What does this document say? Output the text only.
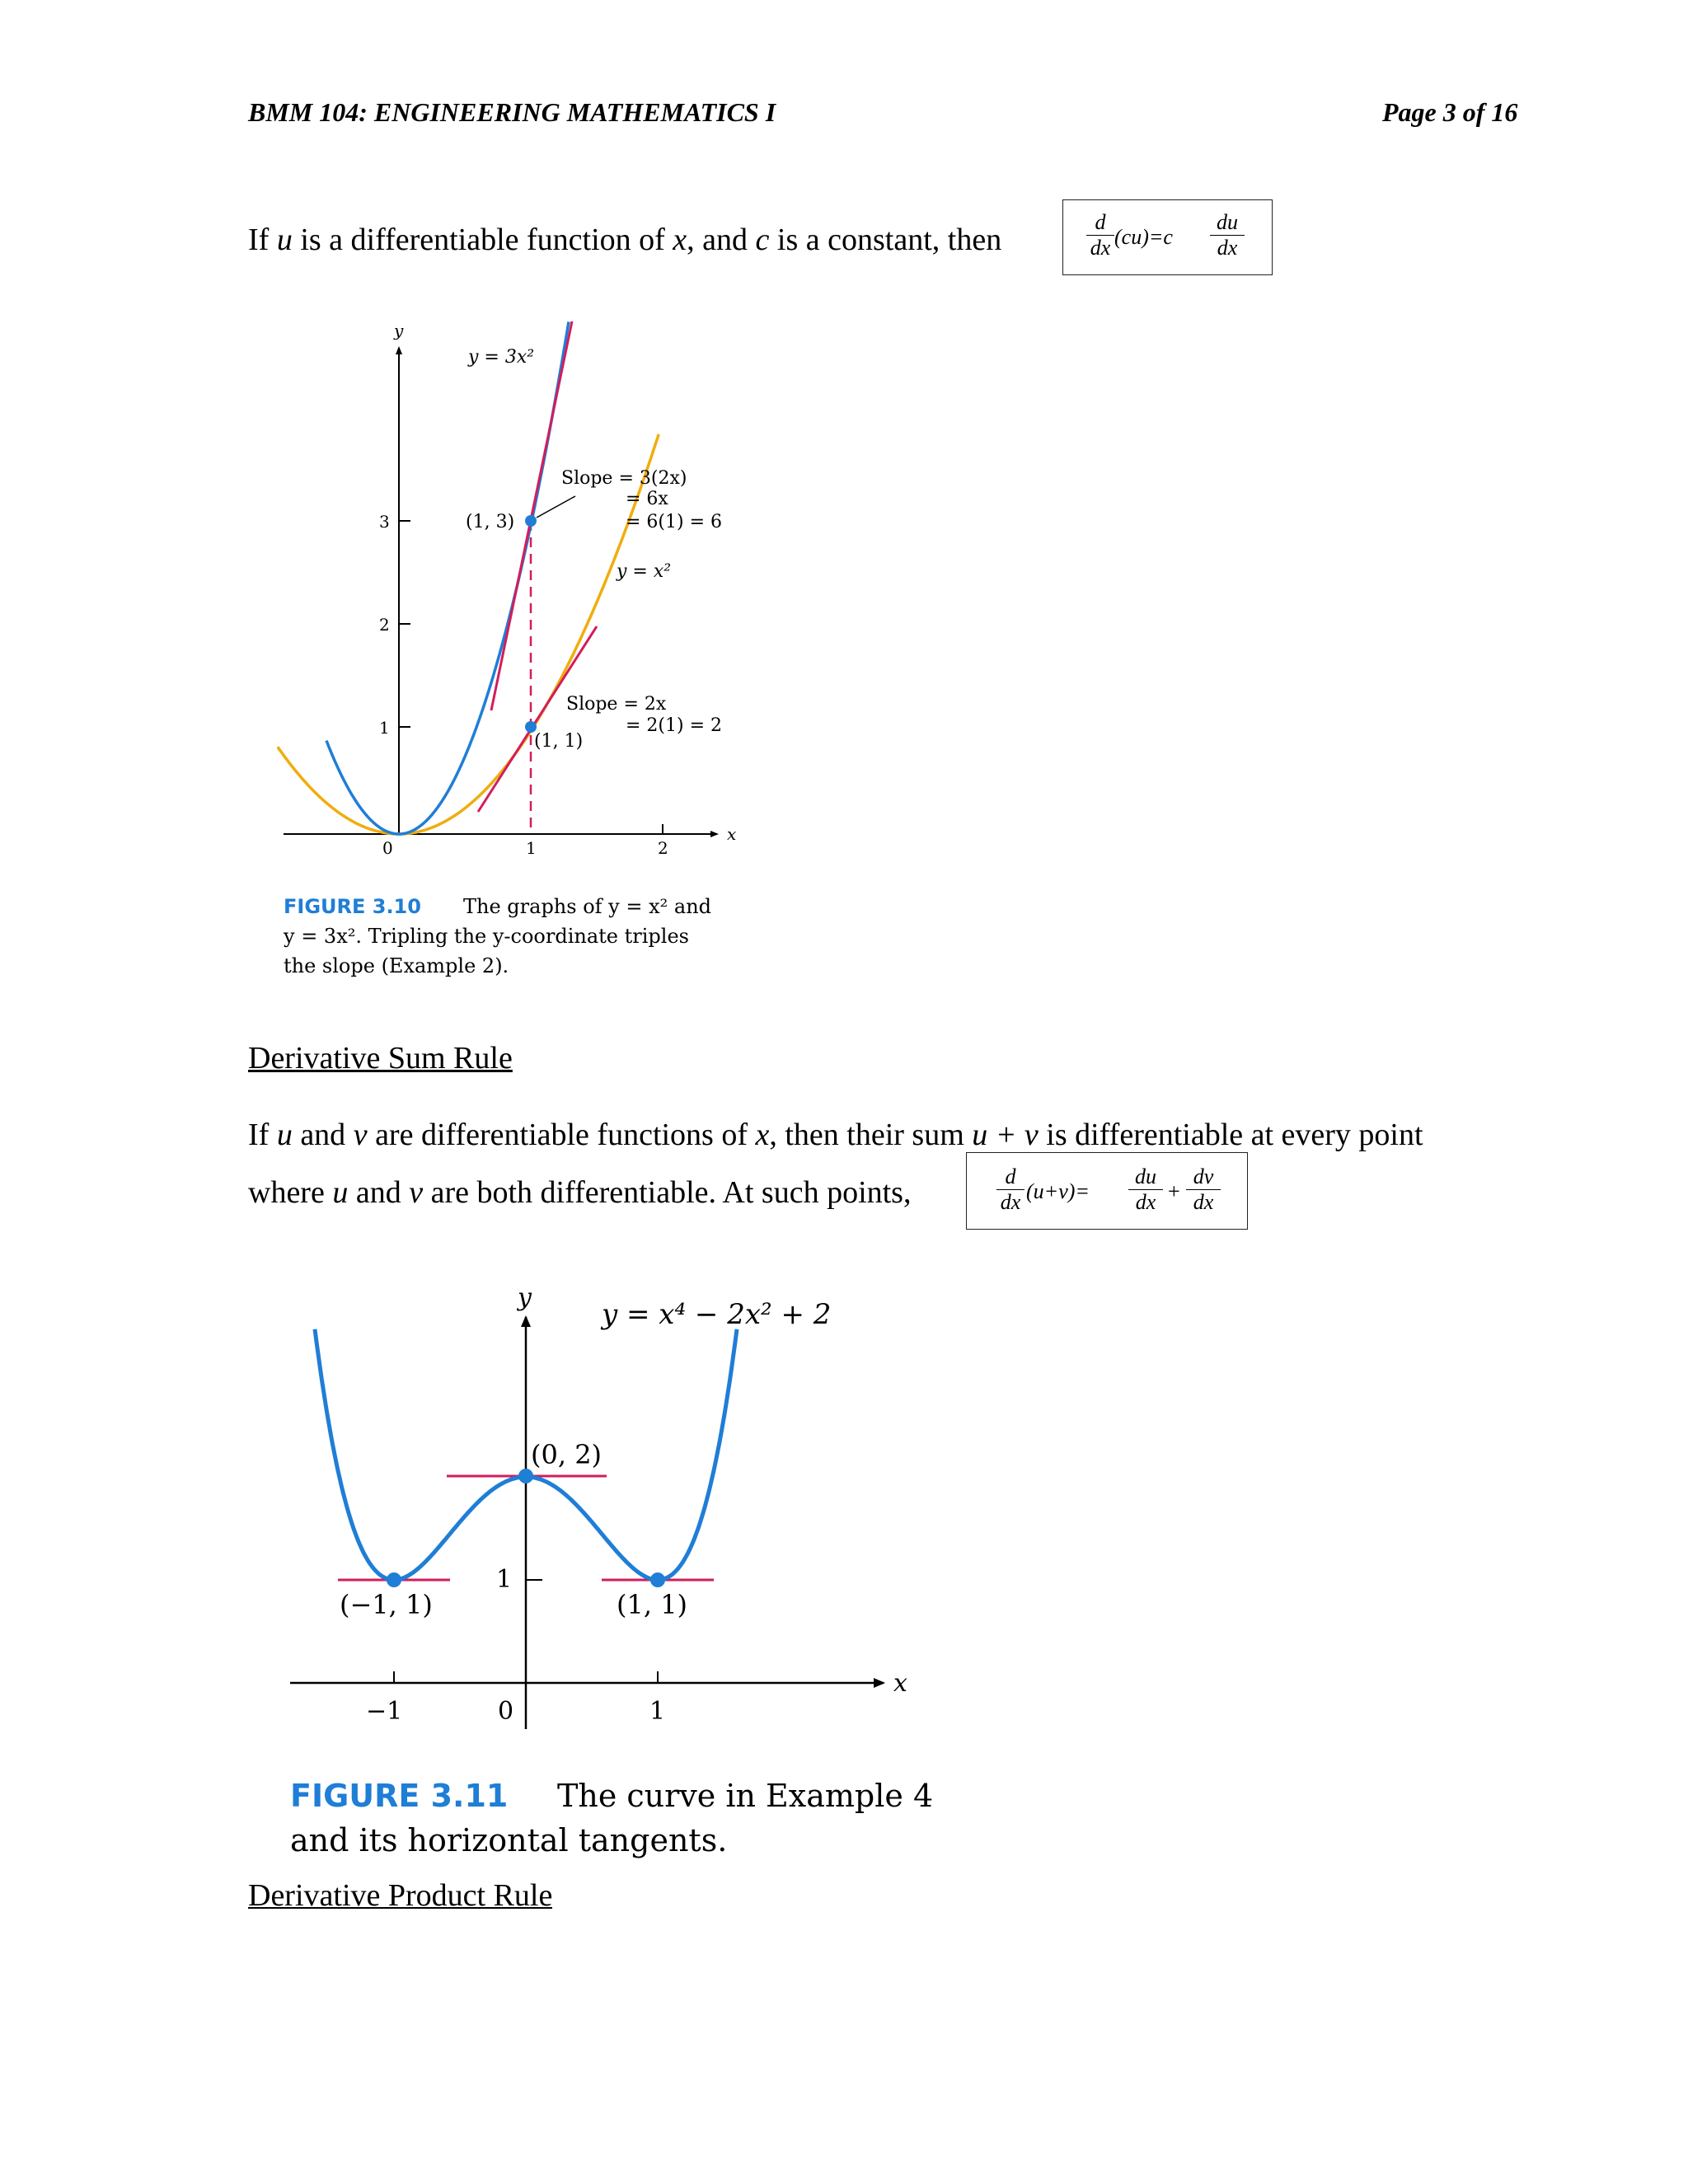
BMM 104: ENGINEERING MATHEMATICS I	Page 3 of 16
If u is a differentiable function of x, and c is a constant, then	$\frac{d}{dx} (cu)=c \frac{du}{dx}$
y
x
3
2
1
0	1	2
y = 3x²
y = x²
(1, 3)
(1, 1)
Slope = 3(2x)
= 6x
= 6(1) = 6
Slope = 2x
= 2(1) = 2
FIGURE 3.10 The graphs of y = x² and
y = 3x². Tripling the y-coordinate triples
the slope (Example 2).
Derivative Sum Rule
If u and v are differentiable functions of x, then their sum u + v is differentiable at every point
where u and v are both differentiable. At such points,	$\frac{d}{dx} (u+v)= \frac{du}{dx} + \frac{dv}{dx}$
y
x
−1	1
0
1
y = x⁴ − 2x² + 2
(0, 2)
(−1, 1)	(1, 1)
FIGURE 3.11 The curve in Example 4
and its horizontal tangents.
Derivative Product Rule
